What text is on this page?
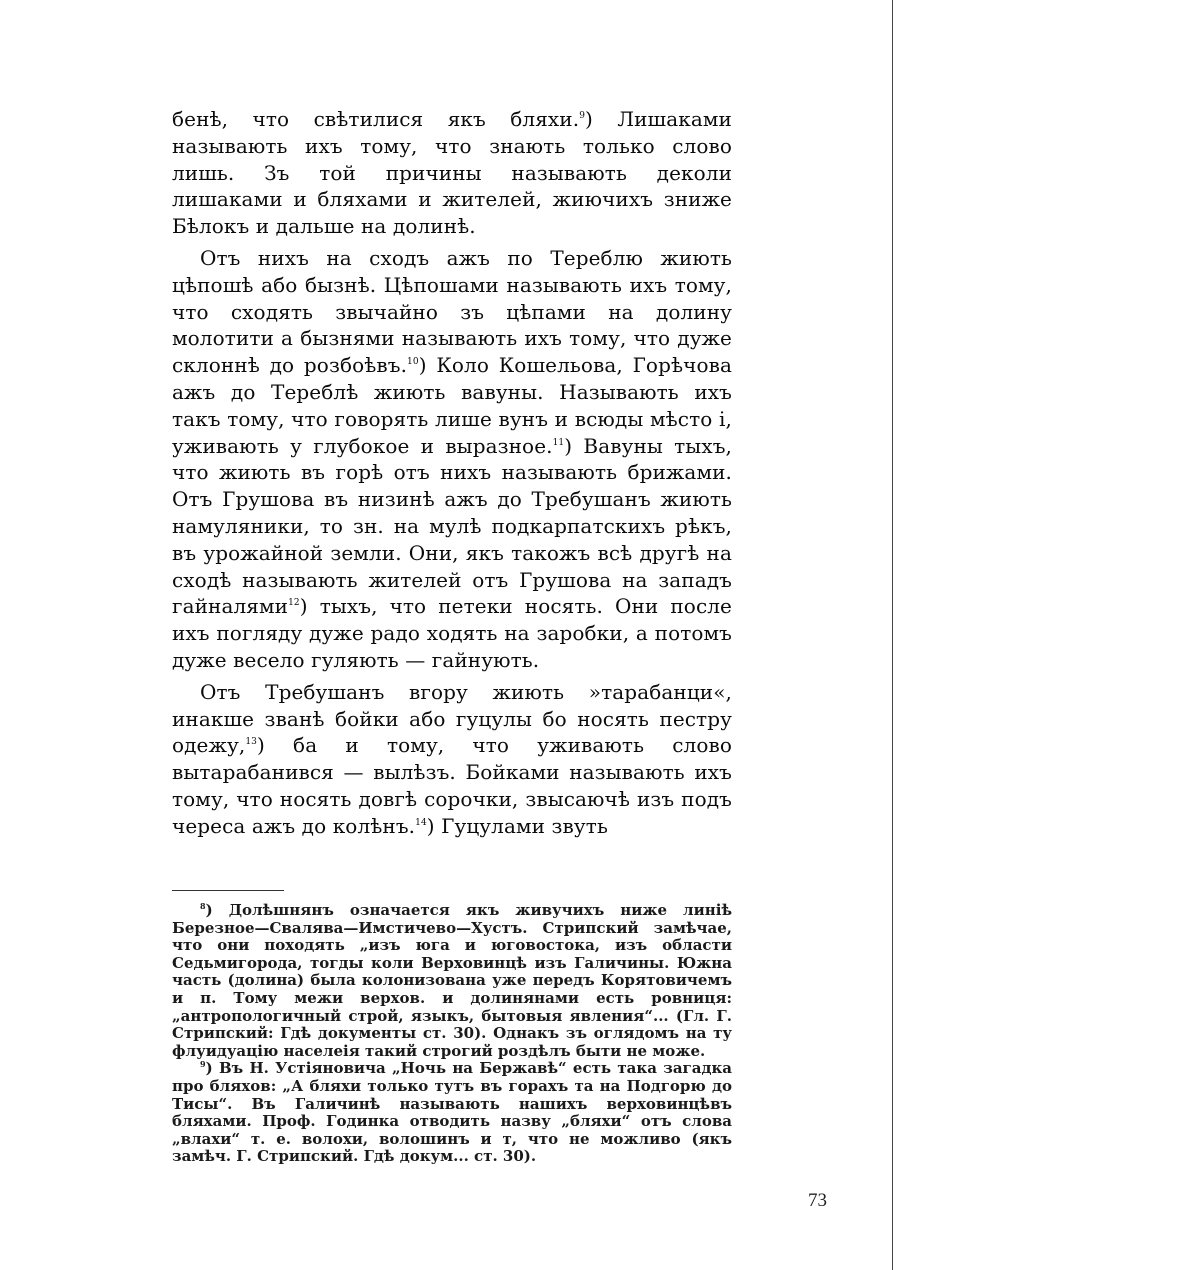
бенѣ, что свѣтилися якъ бляхи.$^9$) Лишаками называють ихъ тому, что знають только слово лишь. Зъ той причины называють деколи лишаками и бляхами и жителей, жиючихъ зниже Бѣлокъ и дальше на долинѣ.

Отъ нихъ на сходъ ажъ по Тереблю жиють цѣпошѣ або бызнѣ. Цѣпошами называють ихъ тому, что сходять звычайно зъ цѣпами на долину молотити а бызнями называють ихъ тому, что дуже склоннѣ до розбоѣвъ.$^{10}$) Коло Кошельова, Горѣчова ажъ до Тереблѣ жиють вавуны. Называють ихъ такъ тому, что говорять лише вунъ и всюды мѣсто і, уживають у глубокое и выразное.$^{11}$) Вавуны тыхъ, что жиють въ горѣ отъ нихъ называють брижами. Отъ Грушова въ низинѣ ажъ до Требушанъ жиють намуляники, то зн. на мулѣ подкарпатскихъ рѣкъ, въ урожайной земли. Они, якъ такожъ всѣ другѣ на сходѣ называють жителей отъ Грушова на западъ гайналями$^{12}$) тыхъ, что петеки носять. Они после ихъ погляду дуже радо ходять на заробки, а потомъ дуже весело гуляють — гайнують.

Отъ Требушанъ вгору жиють »тарабанци«, инакше званѣ бойки або гуцулы бо носять пестру одежу,$^{13}$) ба и тому, что уживають слово вытарабанився — вылѣзъ. Бойками называють ихъ тому, что носять довгѣ сорочки, звысаючѣ изъ подъ череса ажъ до колѣнъ.$^{14}$) Гуцулами звуть

$^8$) Долѣшнянъ означается якъ живучихъ ниже линіѣ Березное—Свалява—Имстичево—Хустъ. Стрипский замѣчае, что они походять „изъ юга и юговостока, изъ области Седьмигорода, тогды коли Верховинцѣ изъ Галичины. Южна часть (долина) была колонизована уже передъ Корятовичемъ и п. Тому межи верхов. и долинянами есть ровниця: „антропологичный строй, языкъ, бытовыя явления“... (Гл. Г. Стрипский: Гдѣ документы ст. 30). Однакъ зъ оглядомъ на ту флуидуацію наcелеiя такий строгий роздѣлъ быти не може.

$^9$) Въ Н. Устіяновича „Ночь на Бержавѣ“ есть така загадка про бляхов: „А бляхи только тутъ въ горахъ та на Подгорю до Тисы“. Въ Галичинѣ называють нашихъ верховинцѣвъ бляхами. Проф. Годинка отводить назву „бляхи“ отъ слова „влахи“ т. е. волохи, волошинъ и т, что не можливо (якъ замѣч. Г. Стрипский. Гдѣ докум... ст. 30).

73
